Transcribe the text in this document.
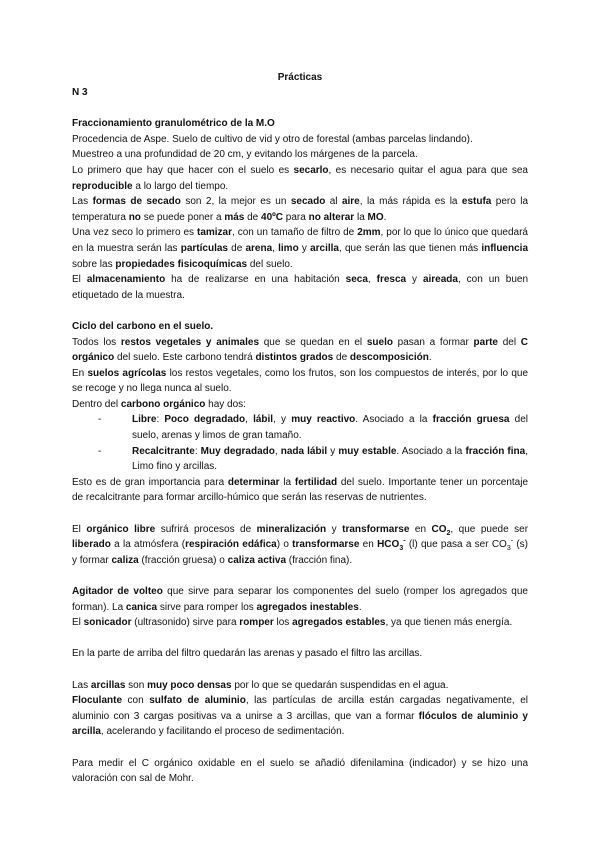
Prácticas

N 3

Fraccionamiento granulométrico de la M.O

Procedencia de Aspe. Suelo de cultivo de vid y otro de forestal (ambas parcelas lindando).

Muestreo a una profundidad de 20 cm, y evitando los márgenes de la parcela.

Lo primero que hay que hacer con el suelo es secarlo, es necesario quitar el agua para que sea reproducible a lo largo del tiempo.

Las formas de secado son 2, la mejor es un secado al aire, la más rápida es la estufa pero la temperatura no se puede poner a más de 40ºC para no alterar la MO.

Una vez seco lo primero es tamizar, con un tamaño de filtro de 2mm, por lo que lo único que quedará en la muestra serán las partículas de arena, limo y arcilla, que serán las que tienen más influencia sobre las propiedades fisicoquímicas del suelo.

El almacenamiento ha de realizarse en una habitación seca, fresca y aireada, con un buen etiquetado de la muestra.

Ciclo del carbono en el suelo.

Todos los restos vegetales y animales que se quedan en el suelo pasan a formar parte del C orgánico del suelo. Este carbono tendrá distintos grados de descomposición.

En suelos agrícolas los restos vegetales, como los frutos, son los compuestos de interés, por lo que se recoge y no llega nunca al suelo.

Dentro del carbono orgánico hay dos:

-	Libre: Poco degradado, lábil, y muy reactivo. Asociado a la fracción gruesa del suelo, arenas y limos de gran tamaño.
-	Recalcitrante: Muy degradado, nada lábil y muy estable. Asociado a la fracción fina, Limo fino y arcillas.

Esto es de gran importancia para determinar la fertilidad del suelo. Importante tener un porcentaje de recalcitrante para formar arcillo-húmico que serán las reservas de nutrientes.

El orgánico libre sufrirá procesos de mineralización y transformarse en $CO_2$, que puede ser liberado a la atmósfera (respiración edáfica) o transformarse en $HCO_3^-$ (l) que pasa a ser $CO_3^-$ (s) y formar caliza (fracción gruesa) o caliza activa (fracción fina).

Agitador de volteo que sirve para separar los componentes del suelo (romper los agregados que forman). La canica sirve para romper los agregados inestables.

El sonicador (ultrasonido) sirve para romper los agregados estables, ya que tienen más energía.

En la parte de arriba del filtro quedarán las arenas y pasado el filtro las arcillas.

Las arcillas son muy poco densas por lo que se quedarán suspendidas en el agua.

Floculante con sulfato de aluminio, las partículas de arcilla están cargadas negativamente, el aluminio con 3 cargas positivas va a unirse a 3 arcillas, que van a formar flóculos de aluminio y arcilla, acelerando y facilitando el proceso de sedimentación.

Para medir el C orgánico oxidable en el suelo se añadió difenilamina (indicador) y se hizo una valoración con sal de Mohr.
